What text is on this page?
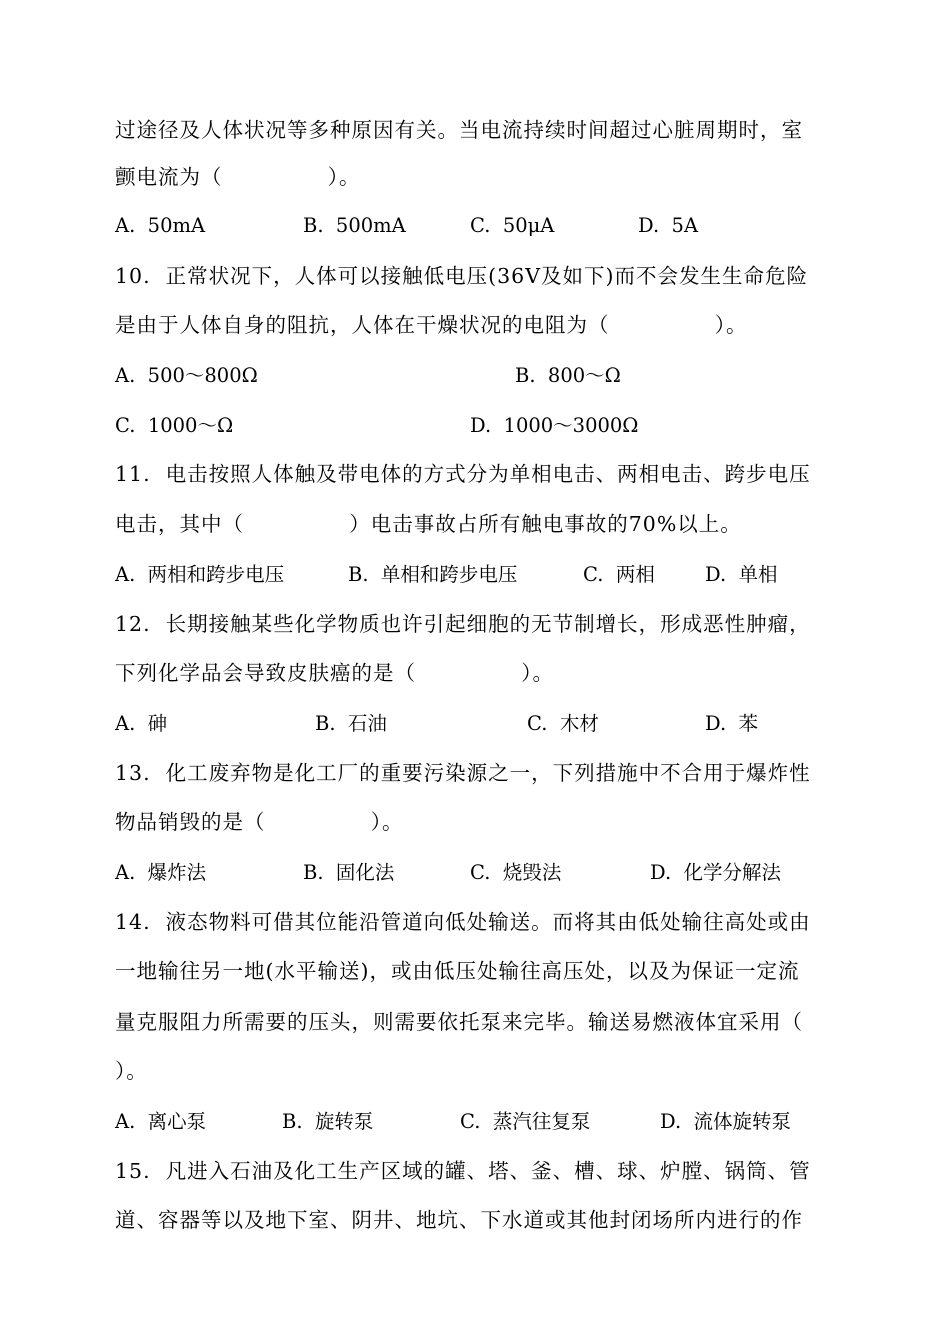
过途径及人体状况等多种原因有关。当电流持续时间超过心脏周期时，室
颤电流为（              ）。
A.  50mA	B.  500mA	C.  50μA	D.  5A
10.  正常状况下，人体可以接触低电压(36V及如下)而不会发生生命危险
是由于人体自身的阻抗，人体在干燥状况的电阻为（              ）。
A.  500～800Ω	B.  800～Ω
C.  1000～Ω	D.  1000～3000Ω
11.  电击按照人体触及带电体的方式分为单相电击、两相电击、跨步电压
电击，其中（              ）电击事故占所有触电事故的70%以上。
A.  两相和跨步电压	B.  单相和跨步电压	C.  两相	D.  单相
12.  长期接触某些化学物质也许引起细胞的无节制增长，形成恶性肿瘤，
下列化学品会导致皮肤癌的是（              ）。
A.  砷	B.  石油	C.  木材	D.  苯
13.  化工废弃物是化工厂的重要污染源之一，下列措施中不合用于爆炸性
物品销毁的是（              ）。
A.  爆炸法	B.  固化法	C.  烧毁法	D.  化学分解法
14.  液态物料可借其位能沿管道向低处输送。而将其由低处输往高处或由
一地输往另一地(水平输送)，或由低压处输往高压处，以及为保证一定流
量克服阻力所需要的压头，则需要依托泵来完毕。输送易燃液体宜采用（
）。
A.  离心泵	B.  旋转泵	C.  蒸汽往复泵	D.  流体旋转泵
15.  凡进入石油及化工生产区域的罐、塔、釜、槽、球、炉膛、锅筒、管
道、容器等以及地下室、阴井、地坑、下水道或其他封闭场所内进行的作
